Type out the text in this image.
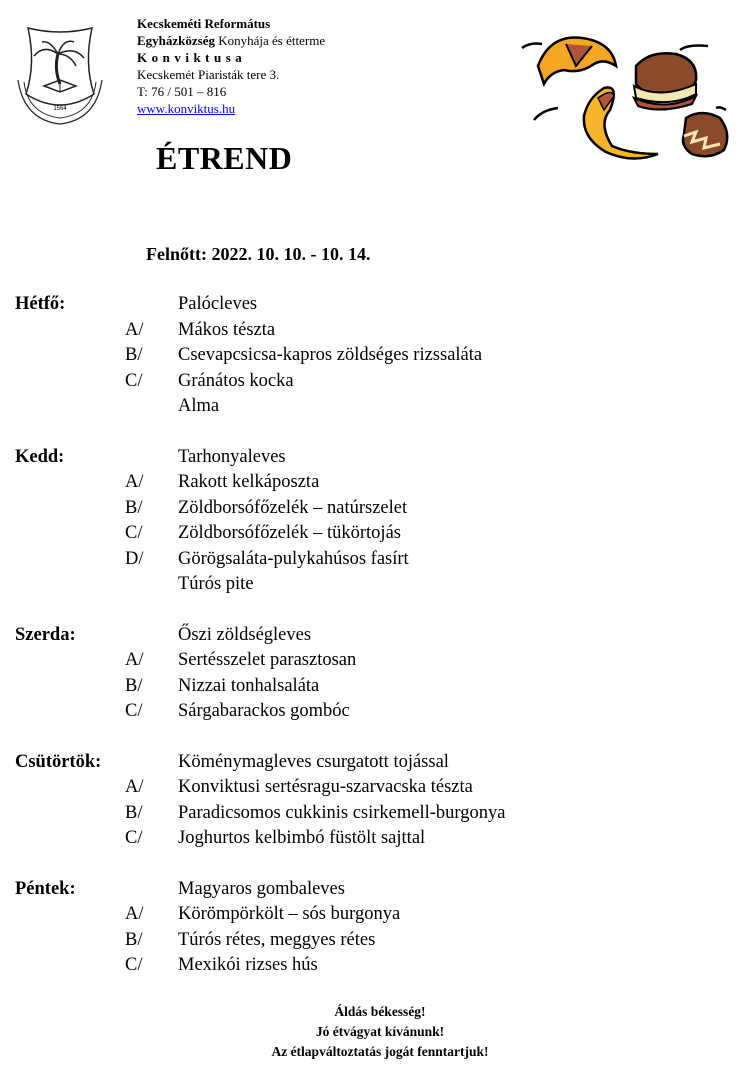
1564
Kecskeméti Református
Egyházközség Konyhája és étterme
Konviktusa
Kecskemét Piaristák tere 3.
T: 76 / 501 – 816
www.konviktus.hu
ÉTREND
Felnőtt: 2022. 10. 10. - 10. 14.
Hétfő:	Palócleves
A/	Mákos tészta
B/	Csevapcsicsa-kapros zöldséges rizssaláta
C/	Gránátos kocka
Alma
Kedd:	Tarhonyaleves
A/	Rakott kelkáposzta
B/	Zöldborsófőzelék – natúrszelet
C/	Zöldborsófőzelék – tükörtojás
D/	Görögsaláta-pulykahúsos fasírt
Túrós pite
Szerda:	Őszi zöldségleves
A/	Sertésszelet parasztosan
B/	Nizzai tonhalsaláta
C/	Sárgabarackos gombóc
Csütörtök:	Köménymagleves csurgatott tojással
A/	Konviktusi sertésragu-szarvacska tészta
B/	Paradicsomos cukkinis csirkemell-burgonya
C/	Joghurtos kelbimbó füstölt sajttal
Péntek:	Magyaros gombaleves
A/	Körömpörkölt – sós burgonya
B/	Túrós rétes, meggyes rétes
C/	Mexikói rizses hús
Áldás békesség!
Jó étvágyat kívánunk!
Az étlapváltoztatás jogát fenntartjuk!
